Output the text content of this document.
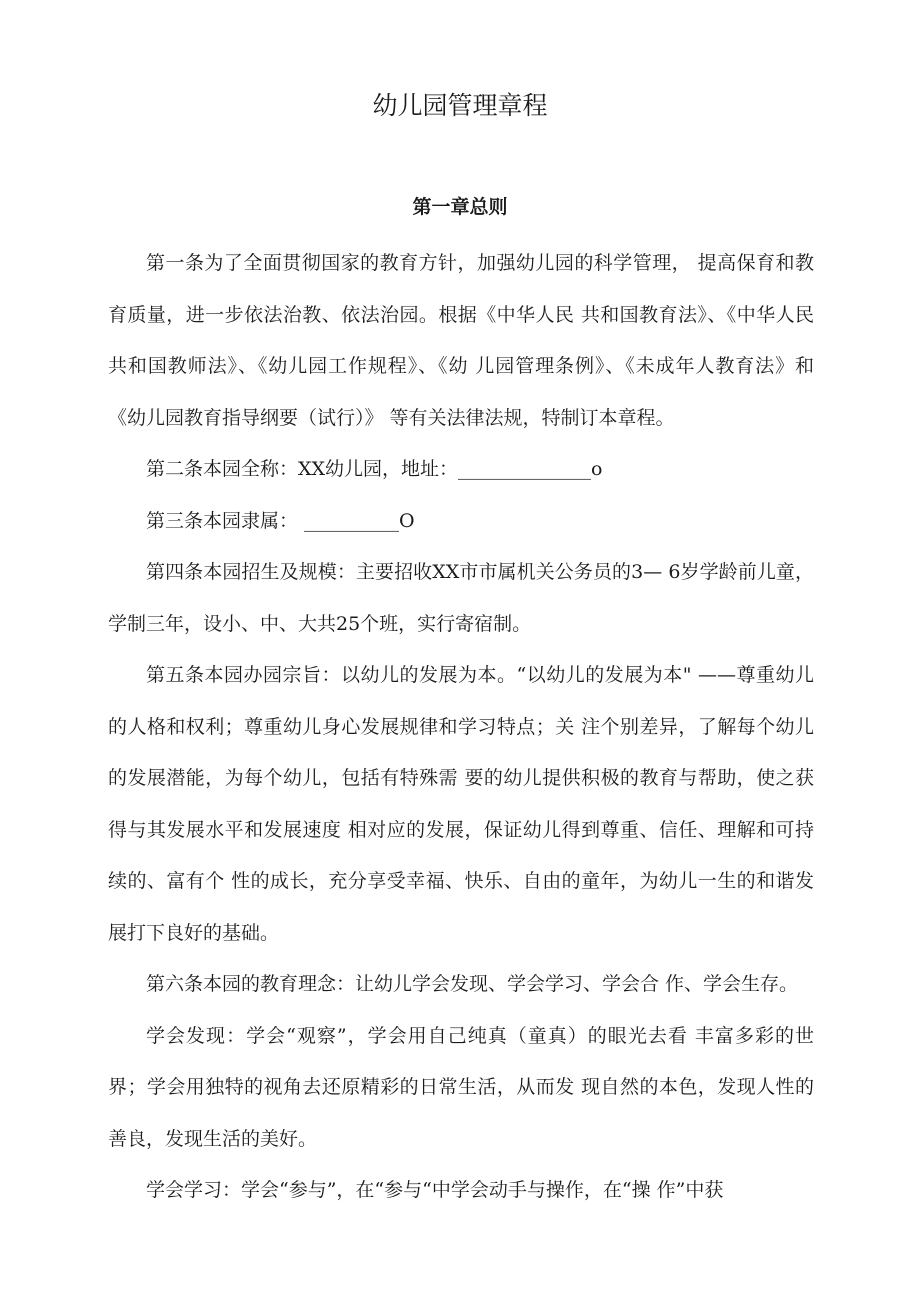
幼儿园管理章程
第一章总则

第一条为了全面贯彻国家的教育方针，加强幼儿园的科学管理， 提高保育和教育质量，进一步依法治教、依法治园。根据《中华人民 共和国教育法》、《中华人民共和国教师法》、《幼儿园工作规程》、《幼 儿园管理条例》、《未成年人教育法》和《幼儿园教育指导纲要（试行）》 等有关法律法规，特制订本章程。

第二条本园全称：XX幼儿园，地址：______________o

第三条本园隶属： __________O

第四条本园招生及规模：主要招收XX市市属机关公务员的3— 6岁学龄前儿童，学制三年，设小、中、大共25个班，实行寄宿制。

第五条本园办园宗旨：以幼儿的发展为本。“以幼儿的发展为本" ——尊重幼儿的人格和权利；尊重幼儿身心发展规律和学习特点；关 注个别差异，了解每个幼儿的发展潜能，为每个幼儿，包括有特殊需 要的幼儿提供积极的教育与帮助，使之获得与其发展水平和发展速度 相对应的发展，保证幼儿得到尊重、信任、理解和可持续的、富有个 性的成长，充分享受幸福、快乐、自由的童年，为幼儿一生的和谐发 展打下良好的基础。

第六条本园的教育理念：让幼儿学会发现、学会学习、学会合 作、学会生存。

学会发现：学会“观察”，学会用自己纯真（童真）的眼光去看 丰富多彩的世界；学会用独特的视角去还原精彩的日常生活，从而发 现自然的本色，发现人性的善良，发现生活的美好。

学会学习：学会“参与”，在“参与“中学会动手与操作，在“操 作”中获
